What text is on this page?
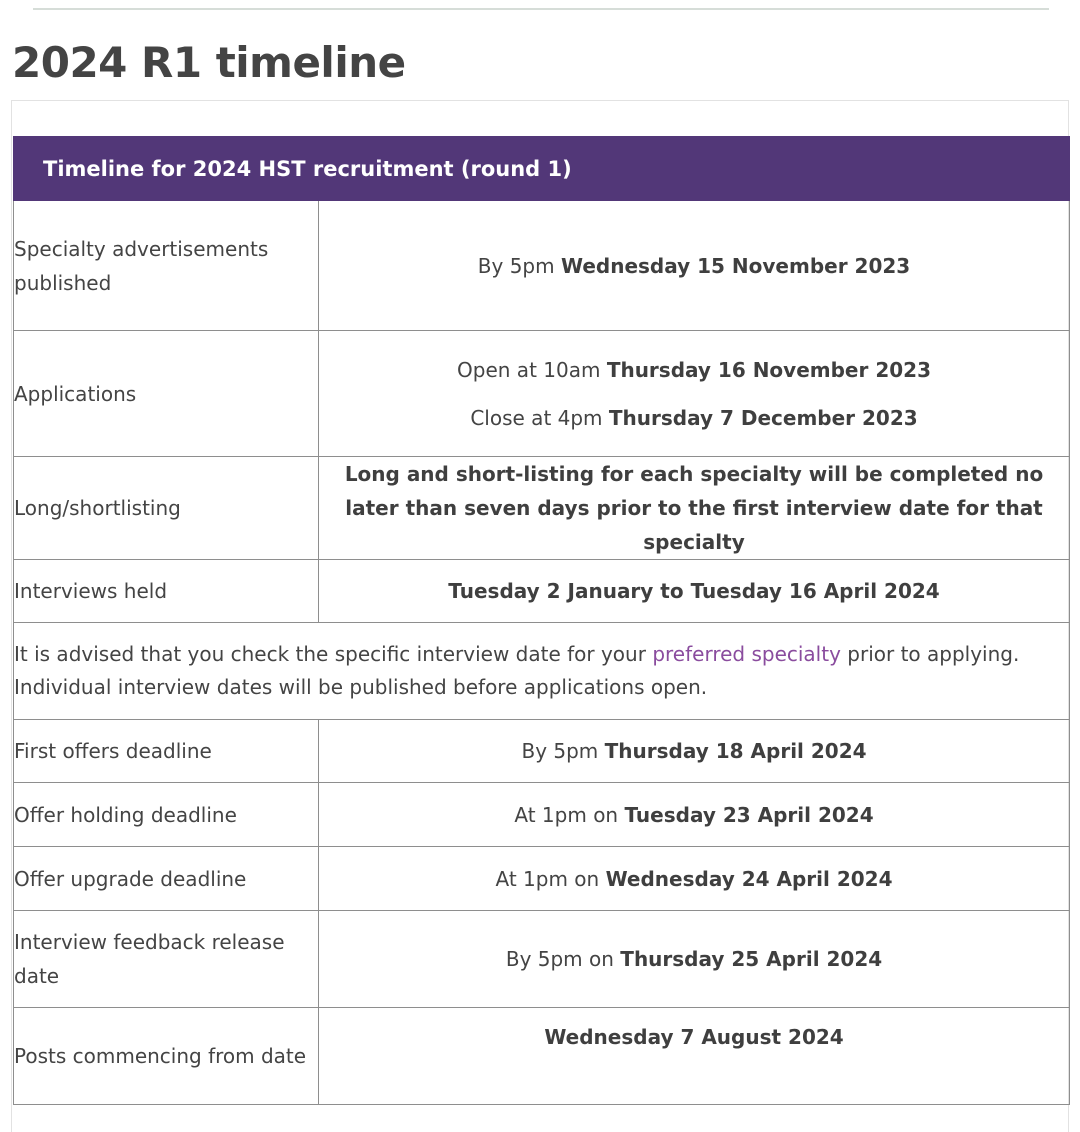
2024 R1 timeline
Timeline for 2024 HST recruitment (round 1)	
Specialty advertisements published	By 5pm Wednesday 15 November 2023
Applications	Open at 10am Thursday 16 November 2023
Close at 4pm Thursday 7 December 2023

Long/shortlisting	Long and short-listing for each specialty will be completed no later than seven days prior to the first interview date for that specialty

Interviews held	Tuesday 2 January to Tuesday 16 April 2024
It is advised that you check the specific interview date for your preferred specialty prior to applying. Individual interview dates will be published before applications open.	
First offers deadline	By 5pm Thursday 18 April 2024
Offer holding deadline	At 1pm on Tuesday 23 April 2024
Offer upgrade deadline	At 1pm on Wednesday 24 April 2024
Interview feedback release date	By 5pm on Thursday 25 April 2024
Posts commencing from date	Wednesday 7 August 2024
